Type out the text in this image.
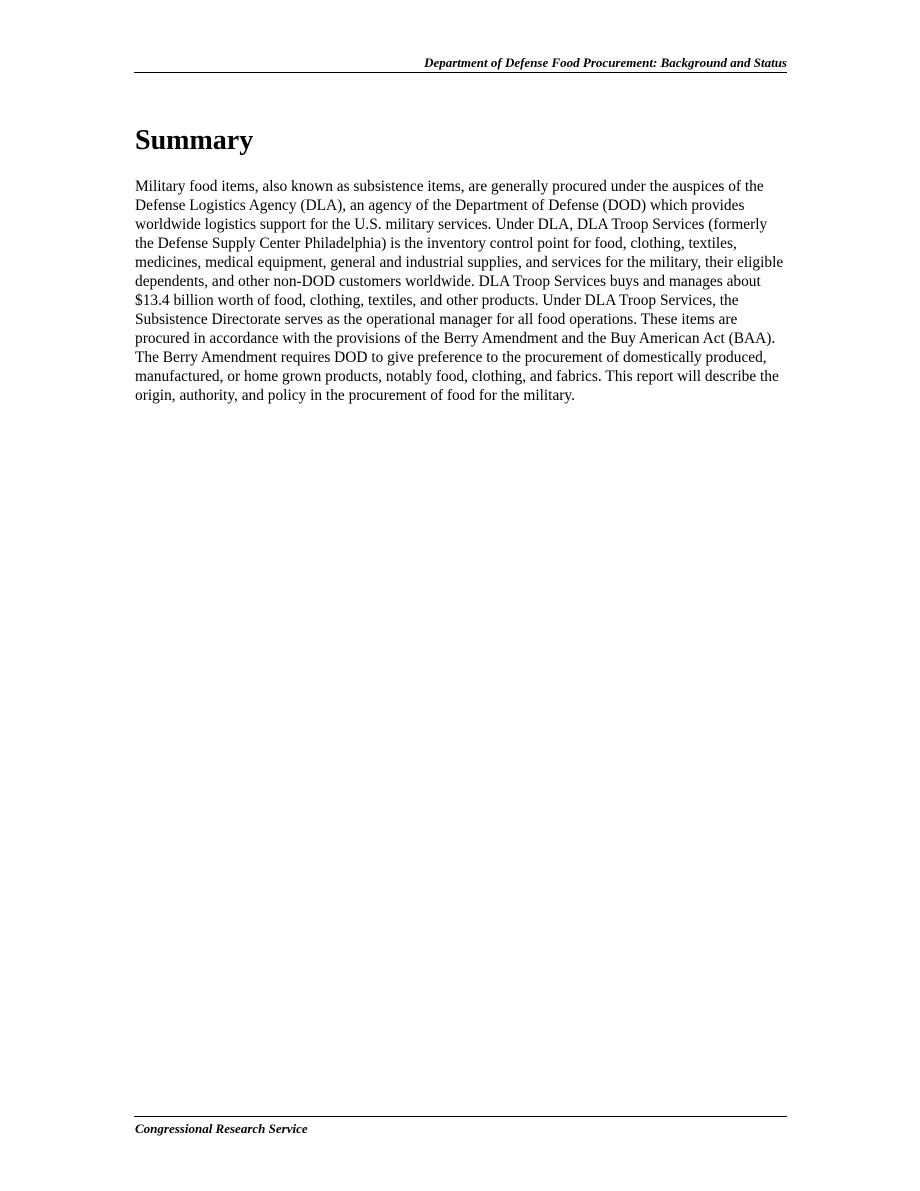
Department of Defense Food Procurement: Background and Status
Summary

Military food items, also known as subsistence items, are generally procured under the auspices of the Defense Logistics Agency (DLA), an agency of the Department of Defense (DOD) which provides worldwide logistics support for the U.S. military services. Under DLA, DLA Troop Services (formerly the Defense Supply Center Philadelphia) is the inventory control point for food, clothing, textiles, medicines, medical equipment, general and industrial supplies, and services for the military, their eligible dependents, and other non-DOD customers worldwide. DLA Troop Services buys and manages about $13.4 billion worth of food, clothing, textiles, and other products. Under DLA Troop Services, the Subsistence Directorate serves as the operational manager for all food operations. These items are procured in accordance with the provisions of the Berry Amendment and the Buy American Act (BAA). The Berry Amendment requires DOD to give preference to the procurement of domestically produced, manufactured, or home grown products, notably food, clothing, and fabrics. This report will describe the origin, authority, and policy in the procurement of food for the military.

Congressional Research Service
